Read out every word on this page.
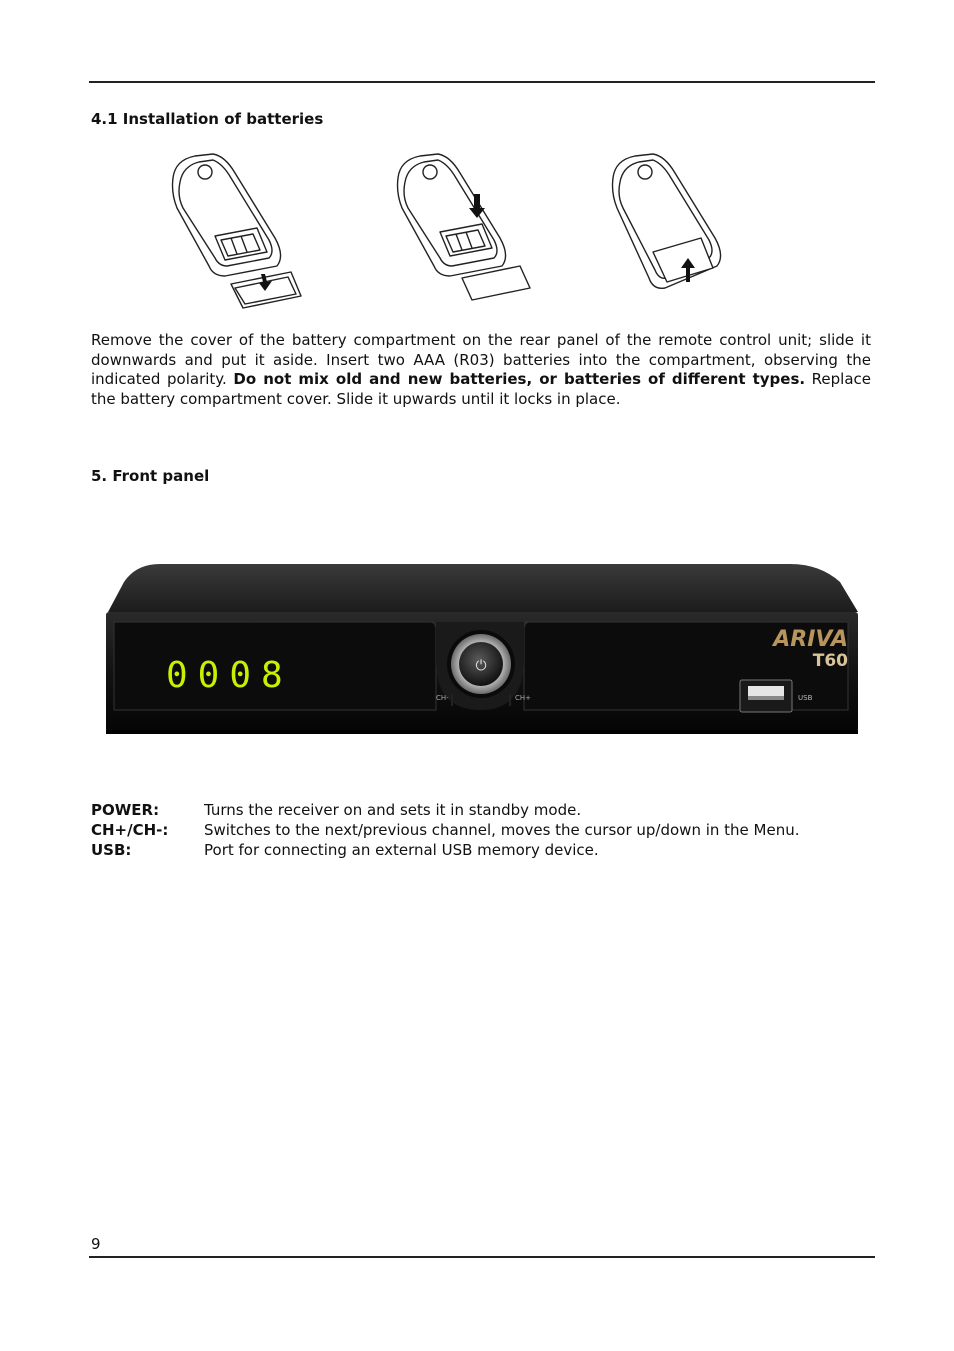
4.1 Installation of batteries

Remove the cover of the battery compartment on the rear panel of the remote control unit; slide it downwards and put it aside. Insert two AAA (R03) batteries into the compartment, observing the indicated polarity. Do not mix old and new batteries, or batteries of different types. Replace the battery compartment cover. Slide it upwards until it locks in place.

5. Front panel
⏻
0008
CH-	CH+
ARIVA
T60
USB
POWER:	Turns the receiver on and sets it in standby mode.
CH+/CH-:	Switches to the next/previous channel, moves the cursor up/down in the Menu.
USB:	Port for connecting an external USB memory device.
9
